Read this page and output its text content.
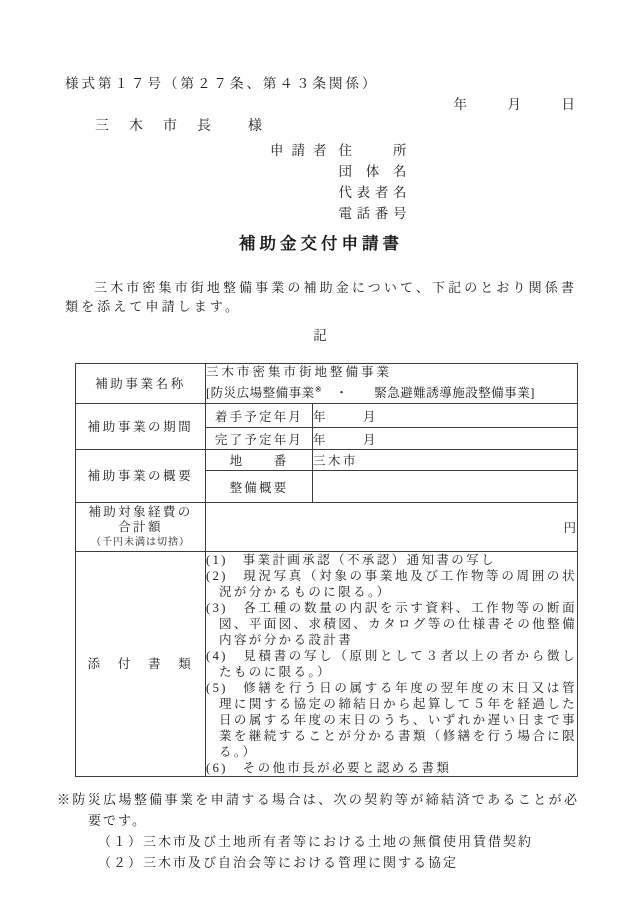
様式第１７号（第２７条、第４３条関係）
年　　　月　　　日
三　木　市　長　　様
申請者 住所
団体名
代表者名
電話番号
補助金交付申請書
三木市密集市街地整備事業の補助金について、下記のとおり関係書類を添えて申請します。
記
補助事業名称	三木市密集市街地整備事業
[防災広場整備事業※　・　　緊急避難誘導施設整備事業]	

補助事業の期間	着手予定年月	年　　　月
	完了予定年月	年　　　月
補助事業の概要	地　　番	三木市
	整備概要	

補助対象経費の
合計額
（千円未満は切捨）	円	
添　付　書　類	
(1)　事業計画承認（不承認）通知書の写し
(2)　現況写真（対象の事業地及び工作物等の周囲の状況が分かるものに限る。）
(3)　各工種の数量の内訳を示す資料、工作物等の断面図、平面図、求積図、カタログ等の仕様書その他整備内容が分かる設計書
(4)　見積書の写し（原則として３者以上の者から徴したものに限る。）
(5)　修繕を行う日の属する年度の翌年度の末日又は管理に関する協定の締結日から起算して５年を経過した日の属する年度の末日のうち、いずれか遅い日まで事業を継続することが分かる書類（修繕を行う場合に限る。）
(6)　その他市長が必要と認める書類
※防災広場整備事業を申請する場合は、次の契約等が締結済であることが必要です。
（１）三木市及び土地所有者等における土地の無償使用賃借契約
（２）三木市及び自治会等における管理に関する協定
